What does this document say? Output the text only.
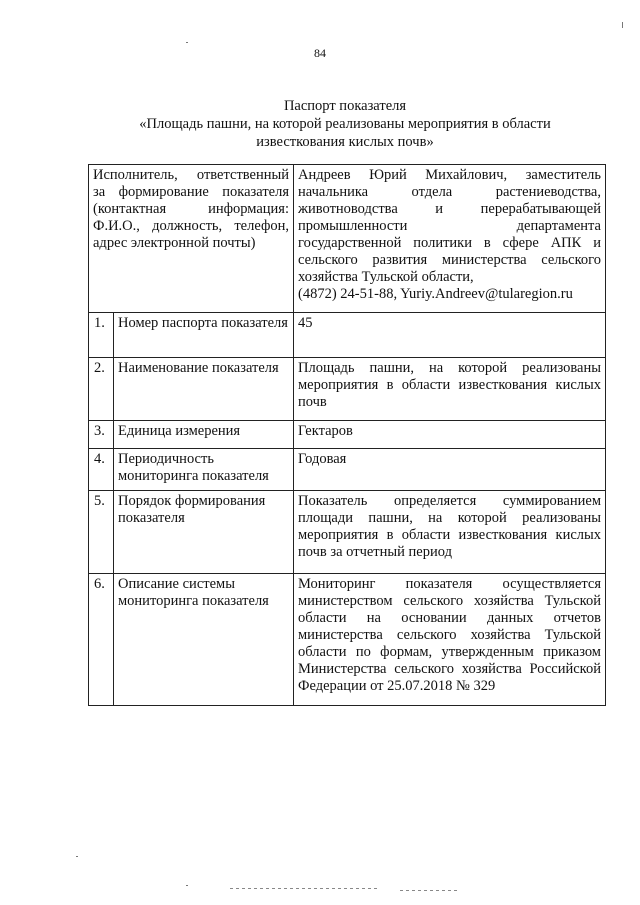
84
Паспорт показателя
«Площадь пашни, на которой реализованы мероприятия в области
известкования кислых почв»
Исполнитель, ответственный за формирование показателя (контактная информация: Ф.И.О., должность, телефон, адрес электронной почты)		Андреев Юрий Михайлович, заместитель начальника отдела растениеводства, животноводства и перерабатывающей промышленности департамента государственной политики в сфере АПК и сельского развития министерства сельского хозяйства Тульской области,
(4872) 24-51-88, Yuriy.Andreev@tularegion.ru

1.	Номер паспорта показателя	45
2.	Наименование показателя	Площадь пашни, на которой реализованы мероприятия в области известкования кислых почв
3.	Единица измерения	Гектаров
4.	Периодичность мониторинга показателя	Годовая
5.	Порядок формирования показателя	Показатель определяется суммированием площади пашни, на которой реализованы мероприятия в области известкования кислых почв за отчетный период
6.	Описание системы мониторинга показателя	Мониторинг показателя осуществляется министерством сельского хозяйства Тульской области на основании данных отчетов министерства сельского хозяйства Тульской области по формам, утвержденным приказом Министерства сельского хозяйства Российской Федерации от 25.07.2018 № 329
